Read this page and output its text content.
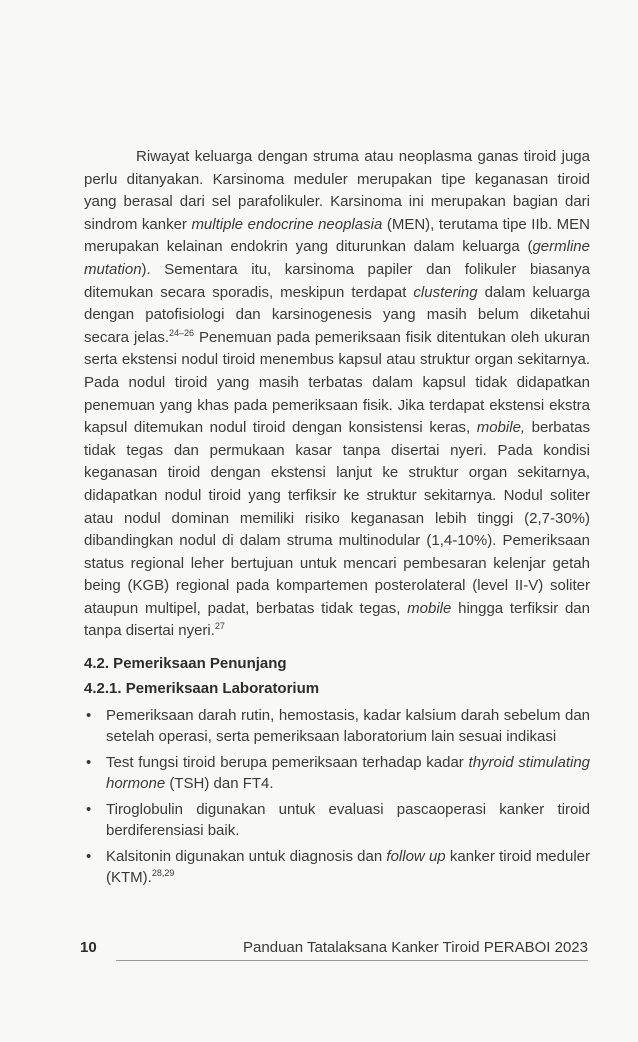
Riwayat keluarga dengan struma atau neoplasma ganas tiroid juga perlu ditanyakan. Karsinoma meduler merupakan tipe keganasan tiroid yang berasal dari sel parafolikuler. Karsinoma ini merupakan bagian dari sindrom kanker multiple endocrine neoplasia (MEN), terutama tipe IIb. MEN merupakan kelainan endokrin yang diturunkan dalam keluarga (germline mutation). Sementara itu, karsinoma papiler dan folikuler biasanya ditemukan secara sporadis, meskipun terdapat clustering dalam keluarga dengan patofisiologi dan karsinogenesis yang masih belum diketahui secara jelas.$^{24-26}$ Penemuan pada pemeriksaan fisik ditentukan oleh ukuran serta ekstensi nodul tiroid menembus kapsul atau struktur organ sekitarnya. Pada nodul tiroid yang masih terbatas dalam kapsul tidak didapatkan penemuan yang khas pada pemeriksaan fisik. Jika terdapat ekstensi ekstra kapsul ditemukan nodul tiroid dengan konsistensi keras, mobile, berbatas tidak tegas dan permukaan kasar tanpa disertai nyeri. Pada kondisi keganasan tiroid dengan ekstensi lanjut ke struktur organ sekitarnya, didapatkan nodul tiroid yang terfiksir ke struktur sekitarnya. Nodul soliter atau nodul dominan memiliki risiko keganasan lebih tinggi (2,7-30%) dibandingkan nodul di dalam struma multinodular (1,4-10%). Pemeriksaan status regional leher bertujuan untuk mencari pembesaran kelenjar getah being (KGB) regional pada kompartemen posterolateral (level II-V) soliter ataupun multipel, padat, berbatas tidak tegas, mobile hingga terfiksir dan tanpa disertai nyeri.$^{27}$

4.2. Pemeriksaan Penunjang
4.2.1. Pemeriksaan Laboratorium
• Pemeriksaan darah rutin, hemostasis, kadar kalsium darah sebelum dan setelah operasi, serta pemeriksaan laboratorium lain sesuai indikasi
• Test fungsi tiroid berupa pemeriksaan terhadap kadar thyroid stimulating hormone (TSH) dan FT4.
• Tiroglobulin digunakan untuk evaluasi pascaoperasi kanker tiroid berdiferensiasi baik.
• Kalsitonin digunakan untuk diagnosis dan follow up kanker tiroid meduler (KTM).$^{28,29}$
10	Panduan Tatalaksana Kanker Tiroid PERABOI 2023
